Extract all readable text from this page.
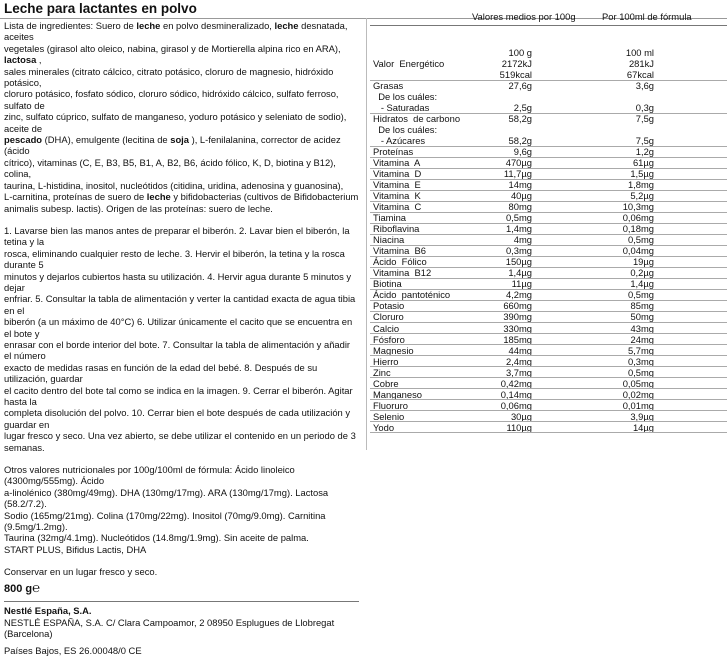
Leche para lactantes en polvo

Lista de ingredientes: Suero de leche en polvo desmineralizado, leche desnatada, aceites

vegetales (girasol alto oleico, nabina, girasol y de Mortierella alpina rico en ARA), lactosa ,

sales minerales (citrato cálcico, citrato potásico, cloruro de magnesio, hidróxido potásico,

cloruro potásico, fosfato sódico, cloruro sódico, hidróxido cálcico, sulfato ferroso, sulfato de

zinc, sulfato cúprico, sulfato de manganeso, yoduro potásico y seleniato de sodio), aceite de

pescado (DHA), emulgente (lecitina de soja ), L-fenilalanina, corrector de acidez (ácido

cítrico), vitaminas (C, E, B3, B5, B1, A, B2, B6, ácido fólico, K, D, biotina y B12), colina,

taurina, L-histidina, inositol, nucleótidos (citidina, uridina, adenosina y guanosina),

L-carnitina, proteínas de suero de leche y bifidobacterias (cultivos de Bifidobacterium

animalis subesp. lactis). Origen de las proteínas: suero de leche.

1. Lavarse bien las manos antes de preparar el biberón. 2. Lavar bien el biberón, la tetina y la

rosca, eliminando cualquier resto de leche. 3. Hervir el biberón, la tetina y la rosca durante 5

minutos y dejarlos cubiertos hasta su utilización. 4. Hervir agua durante 5 minutos y dejar

enfriar. 5. Consultar la tabla de alimentación y verter la cantidad exacta de agua tibia en el

biberón (a un máximo de 40°C) 6. Utilizar únicamente el cacito que se encuentra en el bote y

enrasar con el borde interior del bote. 7. Consultar la tabla de alimentación y añadir el número

exacto de medidas rasas en función de la edad del bebé. 8. Después de su utilización, guardar

el cacito dentro del bote tal como se indica en la imagen. 9. Cerrar el biberón. Agitar hasta la

completa disolución del polvo. 10. Cerrar bien el bote después de cada utilización y guardar en

lugar fresco y seco. Una vez abierto, se debe utilizar el contenido en un periodo de 3 semanas.

Otros valores nutricionales por 100g/100ml de fórmula: Ácido linoleico (4300mg/555mg). Ácido

a-linolénico (380mg/49mg). DHA (130mg/17mg). ARA (130mg/17mg). Lactosa (58.2/7.2).

Sodio (165mg/21mg). Colina (170mg/22mg). Inositol (70mg/9.0mg). Carnitina (9.5mg/1.2mg).

Taurina (32mg/4.1mg). Nucleótidos (14.8mg/1.9mg). Sin aceite de palma.

START PLUS, Bifidus Lactis, DHA

Conservar en un lugar fresco y seco.

800 g℮

Nestlé España, S.A.

NESTLÉ ESPAÑA, S.A. C/ Clara Campoamor, 2 08950 Esplugues de Llobregat (Barcelona)

Países Bajos, ES 26.00048/0 CE

Valores medios por 100g	Por 100ml de fórmula
100 g	100 ml
Valor  Energético	2172kJ	281kJ
519kcal	67kcal
Grasas	27,6g	3,6g
De los cuáles:
- Saturadas	2,5g	0,3g
Hidratos  de carbono	58,2g	7,5g
De los cuáles:
- Azúcares	58,2g	7,5g
Proteínas	9,6g	1,2g
Vitamina  A	470µg	61µg
Vitamina  D	11,7µg	1,5µg
Vitamina  E	14mg	1,8mg
Vitamina  K	40µg	5,2µg
Vitamina  C	80mg	10,3mg
Tiamina	0,5mg	0,06mg
Riboflavina	1,4mg	0,18mg
Niacina	4mg	0,5mg
Vitamina  B6	0,3mg	0,04mg
Ácido  Fólico	150µg	19µg
Vitamina  B12	1,4µg	0,2µg
Biotina	11µg	1,4µg
Ácido  pantoténico	4,2mg	0,5mg
Potasio	660mg	85mg
Cloruro	390mg	50mg
Calcio	330mg	43mg
Fósforo	185mg	24mg
Magnesio	44mg	5,7mg
Hierro	2,4mg	0,3mg
Zinc	3,7mg	0,5mg
Cobre	0,42mg	0,05mg
Manganeso	0,14mg	0,02mg
Fluoruro	0,06mg	0,01mg
Selenio	30µg	3,9µg
Yodo	110µg	14µg
